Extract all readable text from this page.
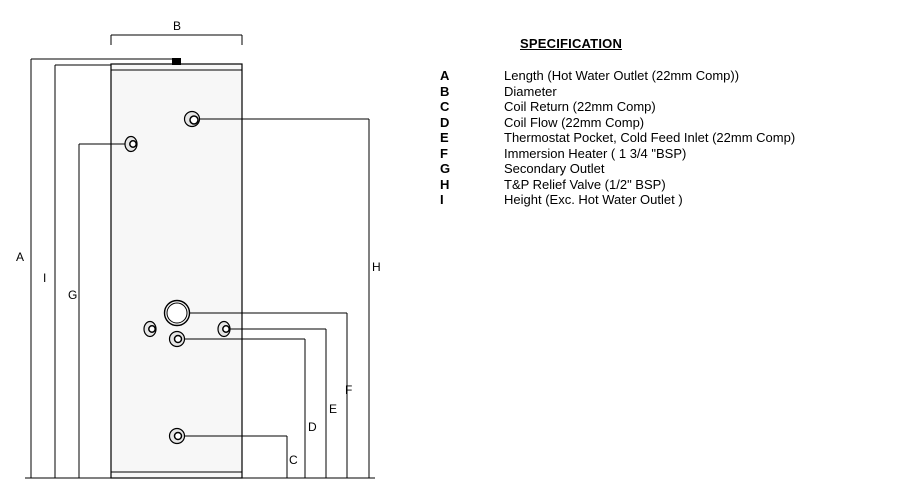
B
A
I
G
H
F
E
D
C
SPECIFICATION
A	Length (Hot Water Outlet (22mm Comp))
B	Diameter
C	Coil Return (22mm Comp)
D	Coil Flow (22mm Comp)
E	Thermostat Pocket, Cold Feed Inlet (22mm Comp)
F	Immersion Heater ( 1 3/4 "BSP)
G	Secondary Outlet
H	T&P Relief Valve (1/2" BSP)
I	Height (Exc. Hot Water Outlet )
